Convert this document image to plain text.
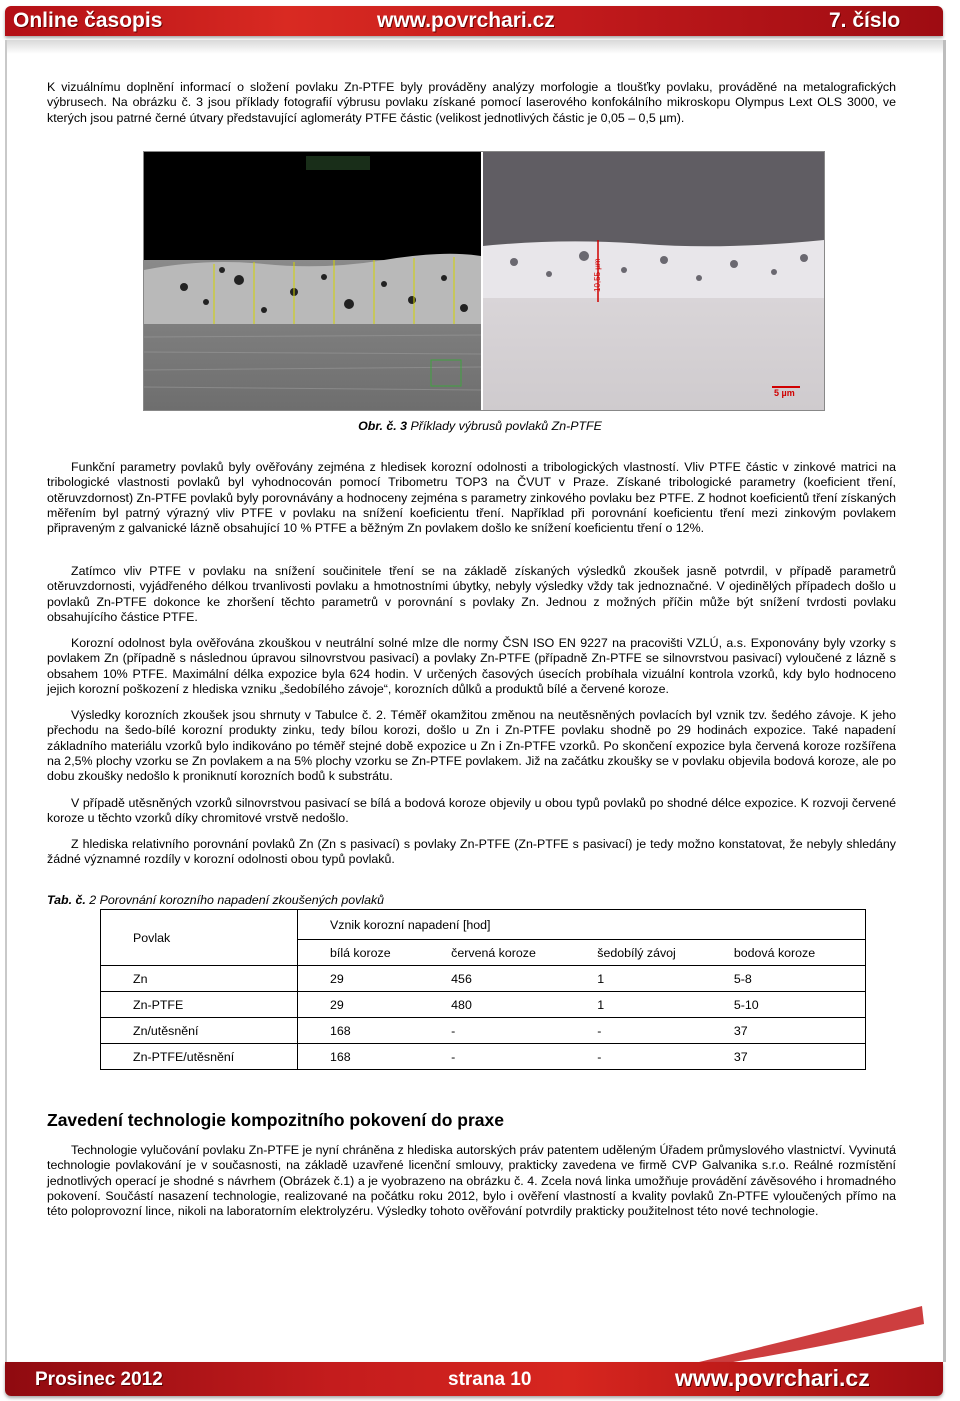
Online časopis	www.povrchari.cz	7. číslo

K vizuálnímu doplnění informací o složení povlaku Zn-PTFE byly prováděny analýzy morfologie a tloušťky povlaku, prováděné na metalografických výbrusech. Na obrázku č. 3 jsou příklady fotografií výbrusu povlaku získané pomocí laserového konfokálního mikroskopu Olympus Lext OLS 3000, ve kterých jsou patrné černé útvary představující aglomeráty PTFE částic (velikost jednotlivých částic je 0,05 – 0,5 µm).

10,55 µm
5 µm
Obr. č. 3 Příklady výbrusů povlaků Zn-PTFE

Funkční parametry povlaků byly ověřovány zejména z hledisek korozní odolnosti a tribologických vlastností. Vliv PTFE částic v zinkové matrici na tribologické vlastnosti povlaků byl vyhodnocován pomocí Tribometru TOP3 na ČVUT v Praze. Získané tribologické parametry (koeficient tření, otěruvzdornost) Zn-PTFE povlaků byly porovnávány a hodnoceny zejména s parametry zinkového povlaku bez PTFE. Z hodnot koeficientů tření získaných měřením byl patrný výrazný vliv PTFE v povlaku na snížení koeficientu tření. Například při porovnání koeficientu tření mezi zinkovým povlakem připraveným z galvanické lázně obsahující 10 % PTFE a běžným Zn povlakem došlo ke snížení koeficientu tření o 12%.

Zatímco vliv PTFE v povlaku na snížení součinitele tření se na základě získaných výsledků zkoušek jasně potvrdil, v případě parametrů otěruvzdornosti, vyjádřeného délkou trvanlivosti povlaku a hmotnostními úbytky, nebyly výsledky vždy tak jednoznačné. V ojedinělých případech došlo u povlaků Zn-PTFE dokonce ke zhoršení těchto parametrů v porovnání s povlaky Zn. Jednou z možných příčin může být snížení tvrdosti povlaku obsahujícího částice PTFE.

Korozní odolnost byla ověřována zkouškou v neutrální solné mlze dle normy ČSN ISO EN 9227 na pracovišti VZLÚ, a.s. Exponovány byly vzorky s povlakem Zn (případně s následnou úpravou silnovrstvou pasivací) a povlaky Zn-PTFE (případně Zn-PTFE se silnovrstvou pasivací) vyloučené z lázně s obsahem 10% PTFE. Maximální délka expozice byla 624 hodin. V určených časových úsecích probíhala vizuální kontrola vzorků, kdy bylo hodnoceno jejich korozní poškození z hlediska vzniku „šedobílého závoje“, korozních důlků a produktů bílé a červené koroze.

Výsledky korozních zkoušek jsou shrnuty v Tabulce č. 2. Téměř okamžitou změnou na neutěsněných povlacích byl vznik tzv. šedého závoje. K jeho přechodu na šedo-bílé korozní produkty zinku, tedy bílou korozi, došlo u Zn i Zn-PTFE povlaku shodně po 29 hodinách expozice. Také napadení základního materiálu vzorků bylo indikováno po téměř stejné době expozice u Zn i Zn-PTFE vzorků. Po skončení expozice byla červená koroze rozšířena na 2,5% plochy vzorku se Zn povlakem a na 5% plochy vzorku se Zn-PTFE povlakem. Již na začátku zkoušky se v povlaku objevila bodová koroze, ale po dobu zkoušky nedošlo k proniknutí korozních bodů k substrátu.

V případě utěsněných vzorků silnovrstvou pasivací se bílá a bodová koroze objevily u obou typů povlaků po shodné délce expozice. K rozvoji červené koroze u těchto vzorků díky chromitové vrstvě nedošlo.

Z hlediska relativního porovnání povlaků Zn (Zn s pasivací) s povlaky Zn-PTFE (Zn-PTFE s pasivací) je tedy možno konstatovat, že nebyly shledány žádné významné rozdíly v korozní odolnosti obou typů povlaků.

Tab. č. 2 Porovnání korozního napadení zkoušených povlaků
Povlak	Vznik korozní napadení [hod]			
	bílá koroze	červená koroze	šedobílý závoj	bodová koroze
Zn	29	456	1	5-8
Zn-PTFE	29	480	1	5-10
Zn/utěsnění	168	-	-	37
Zn-PTFE/utěsnění	168	-	-	37
Zavedení technologie kompozitního pokovení do praxe

Technologie vylučování povlaku Zn-PTFE je nyní chráněna z hlediska autorských práv patentem uděleným Úřadem průmyslového vlastnictví. Vyvinutá technologie povlakování je v současnosti, na základě uzavřené licenční smlouvy, prakticky zavedena ve firmě CVP Galvanika s.r.o. Reálné rozmístění jednotlivých operací je shodné s návrhem (Obrázek č.1) a je vyobrazeno na obrázku č. 4. Zcela nová linka umožňuje provádění závěsového i hromadného pokovení. Součástí nasazení technologie, realizované na počátku roku 2012, bylo i ověření vlastností a kvality povlaků Zn-PTFE vyloučených přímo na této poloprovozní lince, nikoli na laboratorním elektrolyzéru. Výsledky tohoto ověřování potvrdily prakticky použitelnost této nové technologie.

Prosinec 2012	strana 10	www.povrchari.cz
